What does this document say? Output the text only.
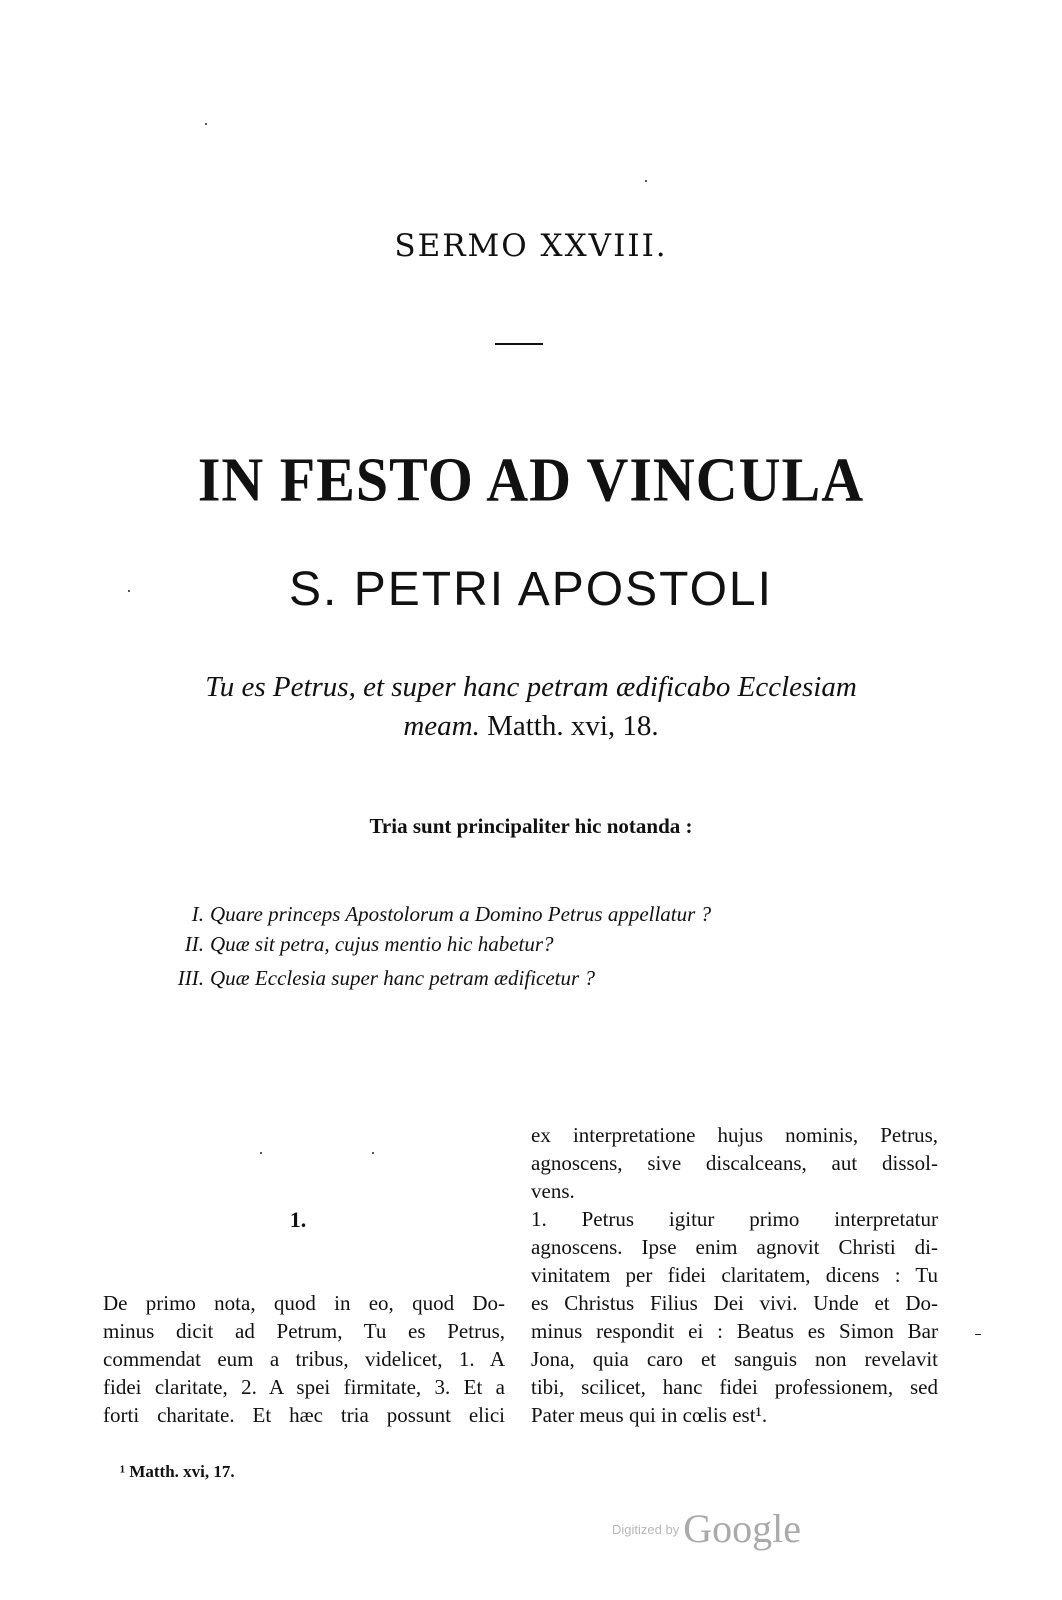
SERMO XXVIII.
IN FESTO AD VINCULA
S. PETRI APOSTOLI
Tu es Petrus, et super hanc petram ædificabo Ecclesiam
meam. Matth. xvi, 18.
Tria sunt principaliter hic notanda :
I. Quare princeps Apostolorum a Domino Petrus appellatur ?
II. Quæ sit petra, cujus mentio hic habetur?
III. Quæ Ecclesia super hanc petram ædificetur ?
1.
De primo nota, quod in eo, quod Do-
minus dicit ad Petrum, Tu es Petrus,
commendat eum a tribus, videlicet, 1. A
fidei claritate, 2. A spei firmitate, 3. Et a
forti charitate. Et hæc tria possunt elici
ex interpretatione hujus nominis, Petrus,
agnoscens, sive discalceans, aut dissol-
vens.
1. Petrus igitur primo interpretatur
agnoscens. Ipse enim agnovit Christi di-
vinitatem per fidei claritatem, dicens : Tu
es Christus Filius Dei vivi. Unde et Do-
minus respondit ei : Beatus es Simon Bar
Jona, quia caro et sanguis non revelavit
tibi, scilicet, hanc fidei professionem, sed
Pater meus qui in cœlis est¹.
¹ Matth. xvi, 17.
$^{Digitized by}$ Google
